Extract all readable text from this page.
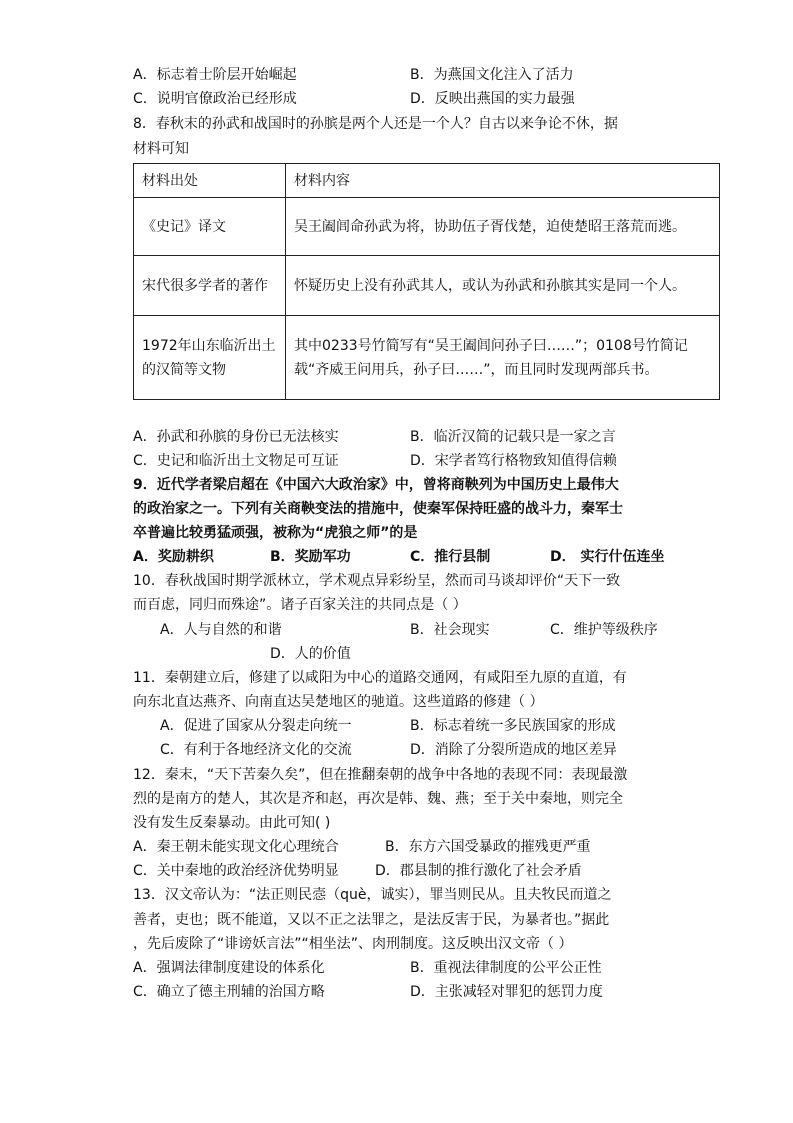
A．标志着士阶层开始崛起	B．为燕国文化注入了活力
C．说明官僚政治已经形成	D．反映出燕国的实力最强
8．春秋末的孙武和战国时的孙膑是两个人还是一个人？自古以来争论不休，据
材料可知
材料出处	材料内容
《史记》译文	吴王阖闾命孙武为将，协助伍子胥伐楚，迫使楚昭王落荒而逃。
宋代很多学者的著作	怀疑历史上没有孙武其人，或认为孙武和孙膑其实是同一个人。
1972年山东临沂出土的汉简等文物	其中0233号竹简写有“吴王阖闾问孙子曰……”；0108号竹简记载“齐威王问用兵，孙子曰……”，而且同时发现两部兵书。
A．孙武和孙膑的身份已无法核实	B．临沂汉简的记载只是一家之言
C．史记和临沂出土文物足可互证	D．宋学者笃行格物致知值得信赖
9．近代学者梁启超在《中国六大政治家》中，曾将商鞅列为中国历史上最伟大
的政治家之一。下列有关商鞅变法的措施中，使秦军保持旺盛的战斗力，秦军士
卒普遍比较勇猛顽强，被称为“虎狼之师”的是
A．奖励耕织	B．奖励军功	C．推行县制	D． 实行什伍连坐
10．春秋战国时期学派林立，学术观点异彩纷呈，然而司马谈却评价“天下一致
而百虑，同归而殊途”。诸子百家关注的共同点是（ ）
A．人与自然的和谐	B．社会现实	C．维护等级秩序
D．人的价值
11．秦朝建立后，修建了以咸阳为中心的道路交通网，有咸阳至九原的直道，有
向东北直达燕齐、向南直达吴楚地区的驰道。这些道路的修建（ ）
A．促进了国家从分裂走向统一	B．标志着统一多民族国家的形成
C．有利于各地经济文化的交流	D．消除了分裂所造成的地区差异
12．秦末，“天下苦秦久矣”，但在推翻秦朝的战争中各地的表现不同：表现最激
烈的是南方的楚人，其次是齐和赵，再次是韩、魏、燕；至于关中秦地，则完全
没有发生反秦暴动。由此可知( )
A．秦王朝未能实现文化心理统合	B．东方六国受暴政的摧残更严重
C．关中秦地的政治经济优势明显	D．郡县制的推行激化了社会矛盾
13．汉文帝认为：“法正则民悫（què，诚实），罪当则民从。且夫牧民而道之
善者，吏也；既不能道，又以不正之法罪之，是法反害于民，为暴者也。”据此
，先后废除了“诽谤妖言法”“相坐法”、肉刑制度。这反映出汉文帝（ ）
A．强调法律制度建设的体系化	B．重视法律制度的公平公正性
C．确立了德主刑辅的治国方略	D．主张减轻对罪犯的惩罚力度
